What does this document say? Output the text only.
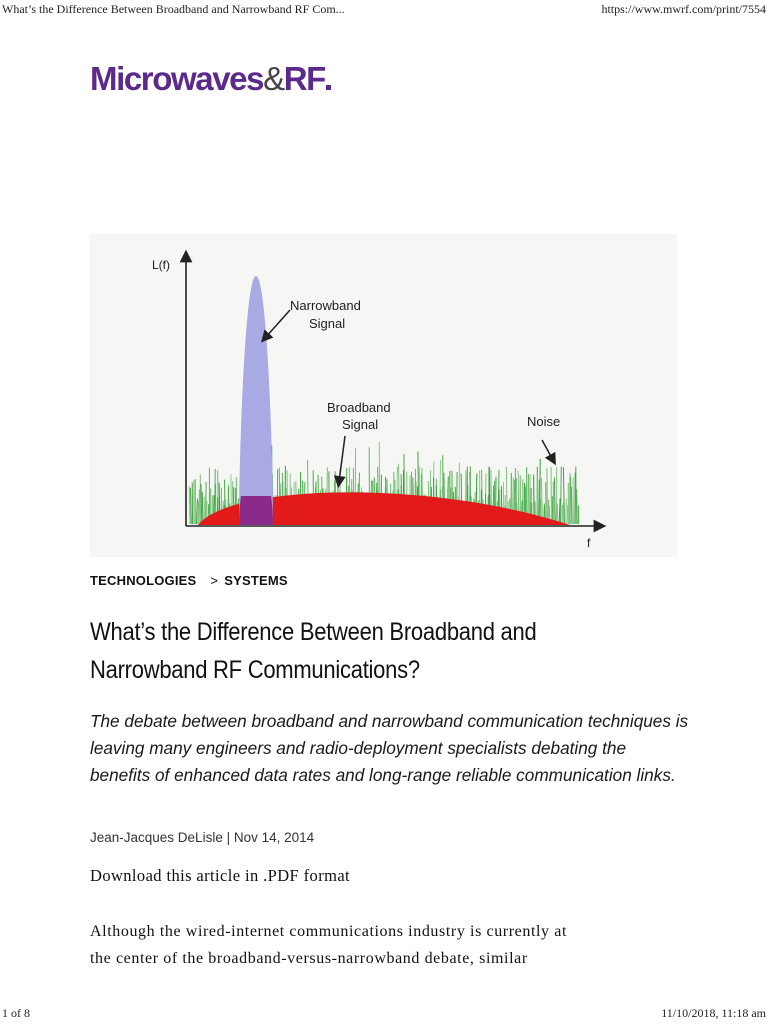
What’s the Difference Between Broadband and Narrowband RF Com...	https://www.mwrf.com/print/7554
Microwaves&RF
L(f)
f
Narrowband
Signal
Broadband
Signal	Noise
TECHNOLOGIES > SYSTEMS
What’s the Difference Between Broadband and
Narrowband RF Communications?
The debate between broadband and narrowband communication techniques is leaving many engineers and radio-deployment specialists debating the benefits of enhanced data rates and long-range reliable communication links.
Jean-Jacques DeLisle | Nov 14, 2014
Download this article in .PDF format
Although the wired-internet communications industry is currently at
the center of the broadband-versus-narrowband debate, similar
1 of 8	11/10/2018, 11:18 am
